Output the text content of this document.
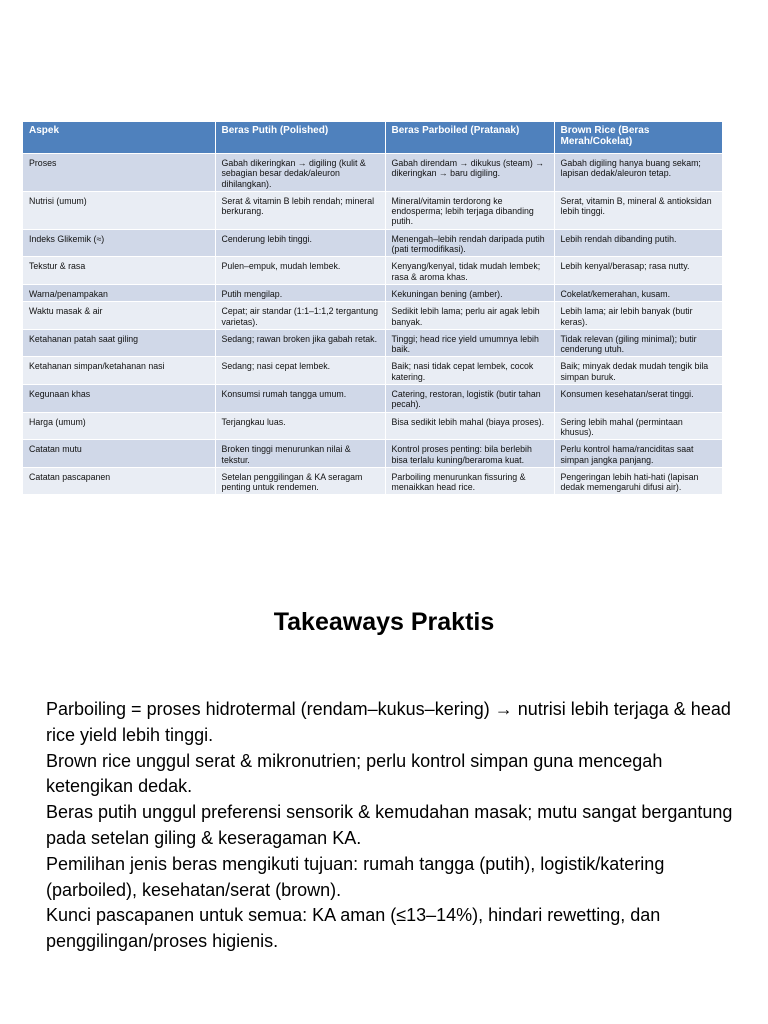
Aspek	Beras Putih (Polished)	Beras Parboiled (Pratanak)	Brown Rice (Beras Merah/Cokelat)
Proses	Gabah dikeringkan → digiling (kulit & sebagian besar dedak/aleuron dihilangkan).	Gabah direndam → dikukus (steam) → dikeringkan → baru digiling.	Gabah digiling hanya buang sekam; lapisan dedak/aleuron tetap.
Nutrisi (umum)	Serat & vitamin B lebih rendah; mineral berkurang.	Mineral/vitamin terdorong ke endosperma; lebih terjaga dibanding putih.	Serat, vitamin B, mineral & antioksidan lebih tinggi.
Indeks Glikemik (≈)	Cenderung lebih tinggi.	Menengah–lebih rendah daripada putih (pati termodifikasi).	Lebih rendah dibanding putih.
Tekstur & rasa	Pulen–empuk, mudah lembek.	Kenyang/kenyal, tidak mudah lembek; rasa & aroma khas.	Lebih kenyal/berasap; rasa nutty.
Warna/penampakan	Putih mengilap.	Kekuningan bening (amber).	Cokelat/kemerahan, kusam.
Waktu masak & air	Cepat; air standar (1:1–1:1,2 tergantung varietas).	Sedikit lebih lama; perlu air agak lebih banyak.	Lebih lama; air lebih banyak (butir keras).
Ketahanan patah saat giling	Sedang; rawan broken jika gabah retak.	Tinggi; head rice yield umumnya lebih baik.	Tidak relevan (giling minimal); butir cenderung utuh.
Ketahanan simpan/ketahanan nasi	Sedang; nasi cepat lembek.	Baik; nasi tidak cepat lembek, cocok katering.	Baik; minyak dedak mudah tengik bila simpan buruk.
Kegunaan khas	Konsumsi rumah tangga umum.	Catering, restoran, logistik (butir tahan pecah).	Konsumen kesehatan/serat tinggi.
Harga (umum)	Terjangkau luas.	Bisa sedikit lebih mahal (biaya proses).	Sering lebih mahal (permintaan khusus).
Catatan mutu	Broken tinggi menurunkan nilai & tekstur.	Kontrol proses penting: bila berlebih bisa terlalu kuning/beraroma kuat.	Perlu kontrol hama/ranciditas saat simpan jangka panjang.
Catatan pascapanen	Setelan penggilingan & KA seragam penting untuk rendemen.	Parboiling menurunkan fissuring & menaikkan head rice.	Pengeringan lebih hati-hati (lapisan dedak memengaruhi difusi air).
Takeaways Praktis

Parboiling = proses hidrotermal (rendam–kukus–kering) → nutrisi lebih terjaga & head rice yield lebih tinggi.

Brown rice unggul serat & mikronutrien; perlu kontrol simpan guna mencegah ketengikan dedak.

Beras putih unggul preferensi sensorik & kemudahan masak; mutu sangat bergantung pada setelan giling & keseragaman KA.

Pemilihan jenis beras mengikuti tujuan: rumah tangga (putih), logistik/katering (parboiled), kesehatan/serat (brown).

Kunci pascapanen untuk semua: KA aman (≤13–14%), hindari rewetting, dan penggilingan/proses higienis.
